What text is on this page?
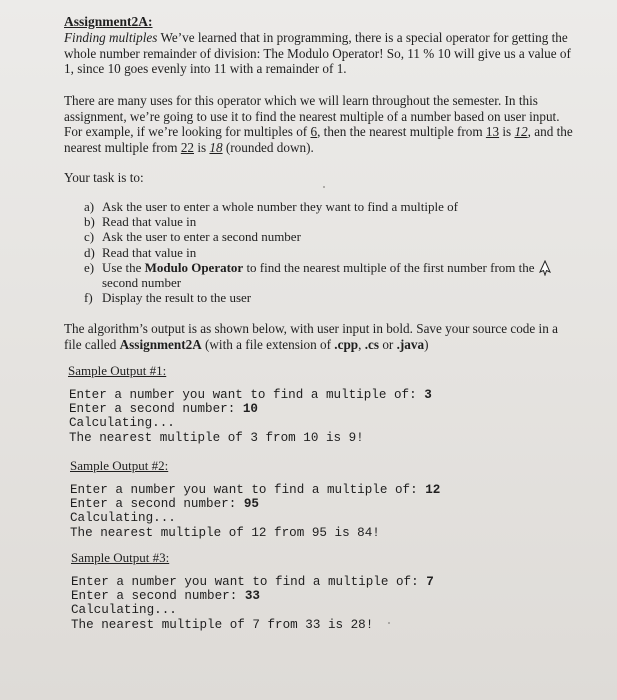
Assignment2A:

Finding multiples We’ve learned that in programming, there is a special operator for getting the whole number remainder of division: The Modulo Operator! So, 11 % 10 will give us a value of 1, since 10 goes evenly into 11 with a remainder of 1.

There are many uses for this operator which we will learn throughout the semester. In this assignment, we’re going to use it to find the nearest multiple of a number based on user input. For example, if we’re looking for multiples of 6, then the nearest multiple from 13 is 12, and the nearest multiple from 22 is 18 (rounded down).

Your task is to:

a) Ask the user to enter a whole number they want to find a multiple of
b) Read that value in
c) Ask the user to enter a second number
d) Read that value in
e) Use the Modulo Operator to find the nearest multiple of the first number from the second number
f) Display the result to the user

The algorithm’s output is as shown below, with user input in bold. Save your source code in a file called Assignment2A (with a file extension of .cpp, .cs or .java)

Sample Output #1:
Enter a number you want to find a multiple of: 3
Enter a second number: 10
Calculating...
The nearest multiple of 3 from 10 is 9!
Sample Output #2:
Enter a number you want to find a multiple of: 12
Enter a second number: 95
Calculating...
The nearest multiple of 12 from 95 is 84!
Sample Output #3:
Enter a number you want to find a multiple of: 7
Enter a second number: 33
Calculating...
The nearest multiple of 7 from 33 is 28!
